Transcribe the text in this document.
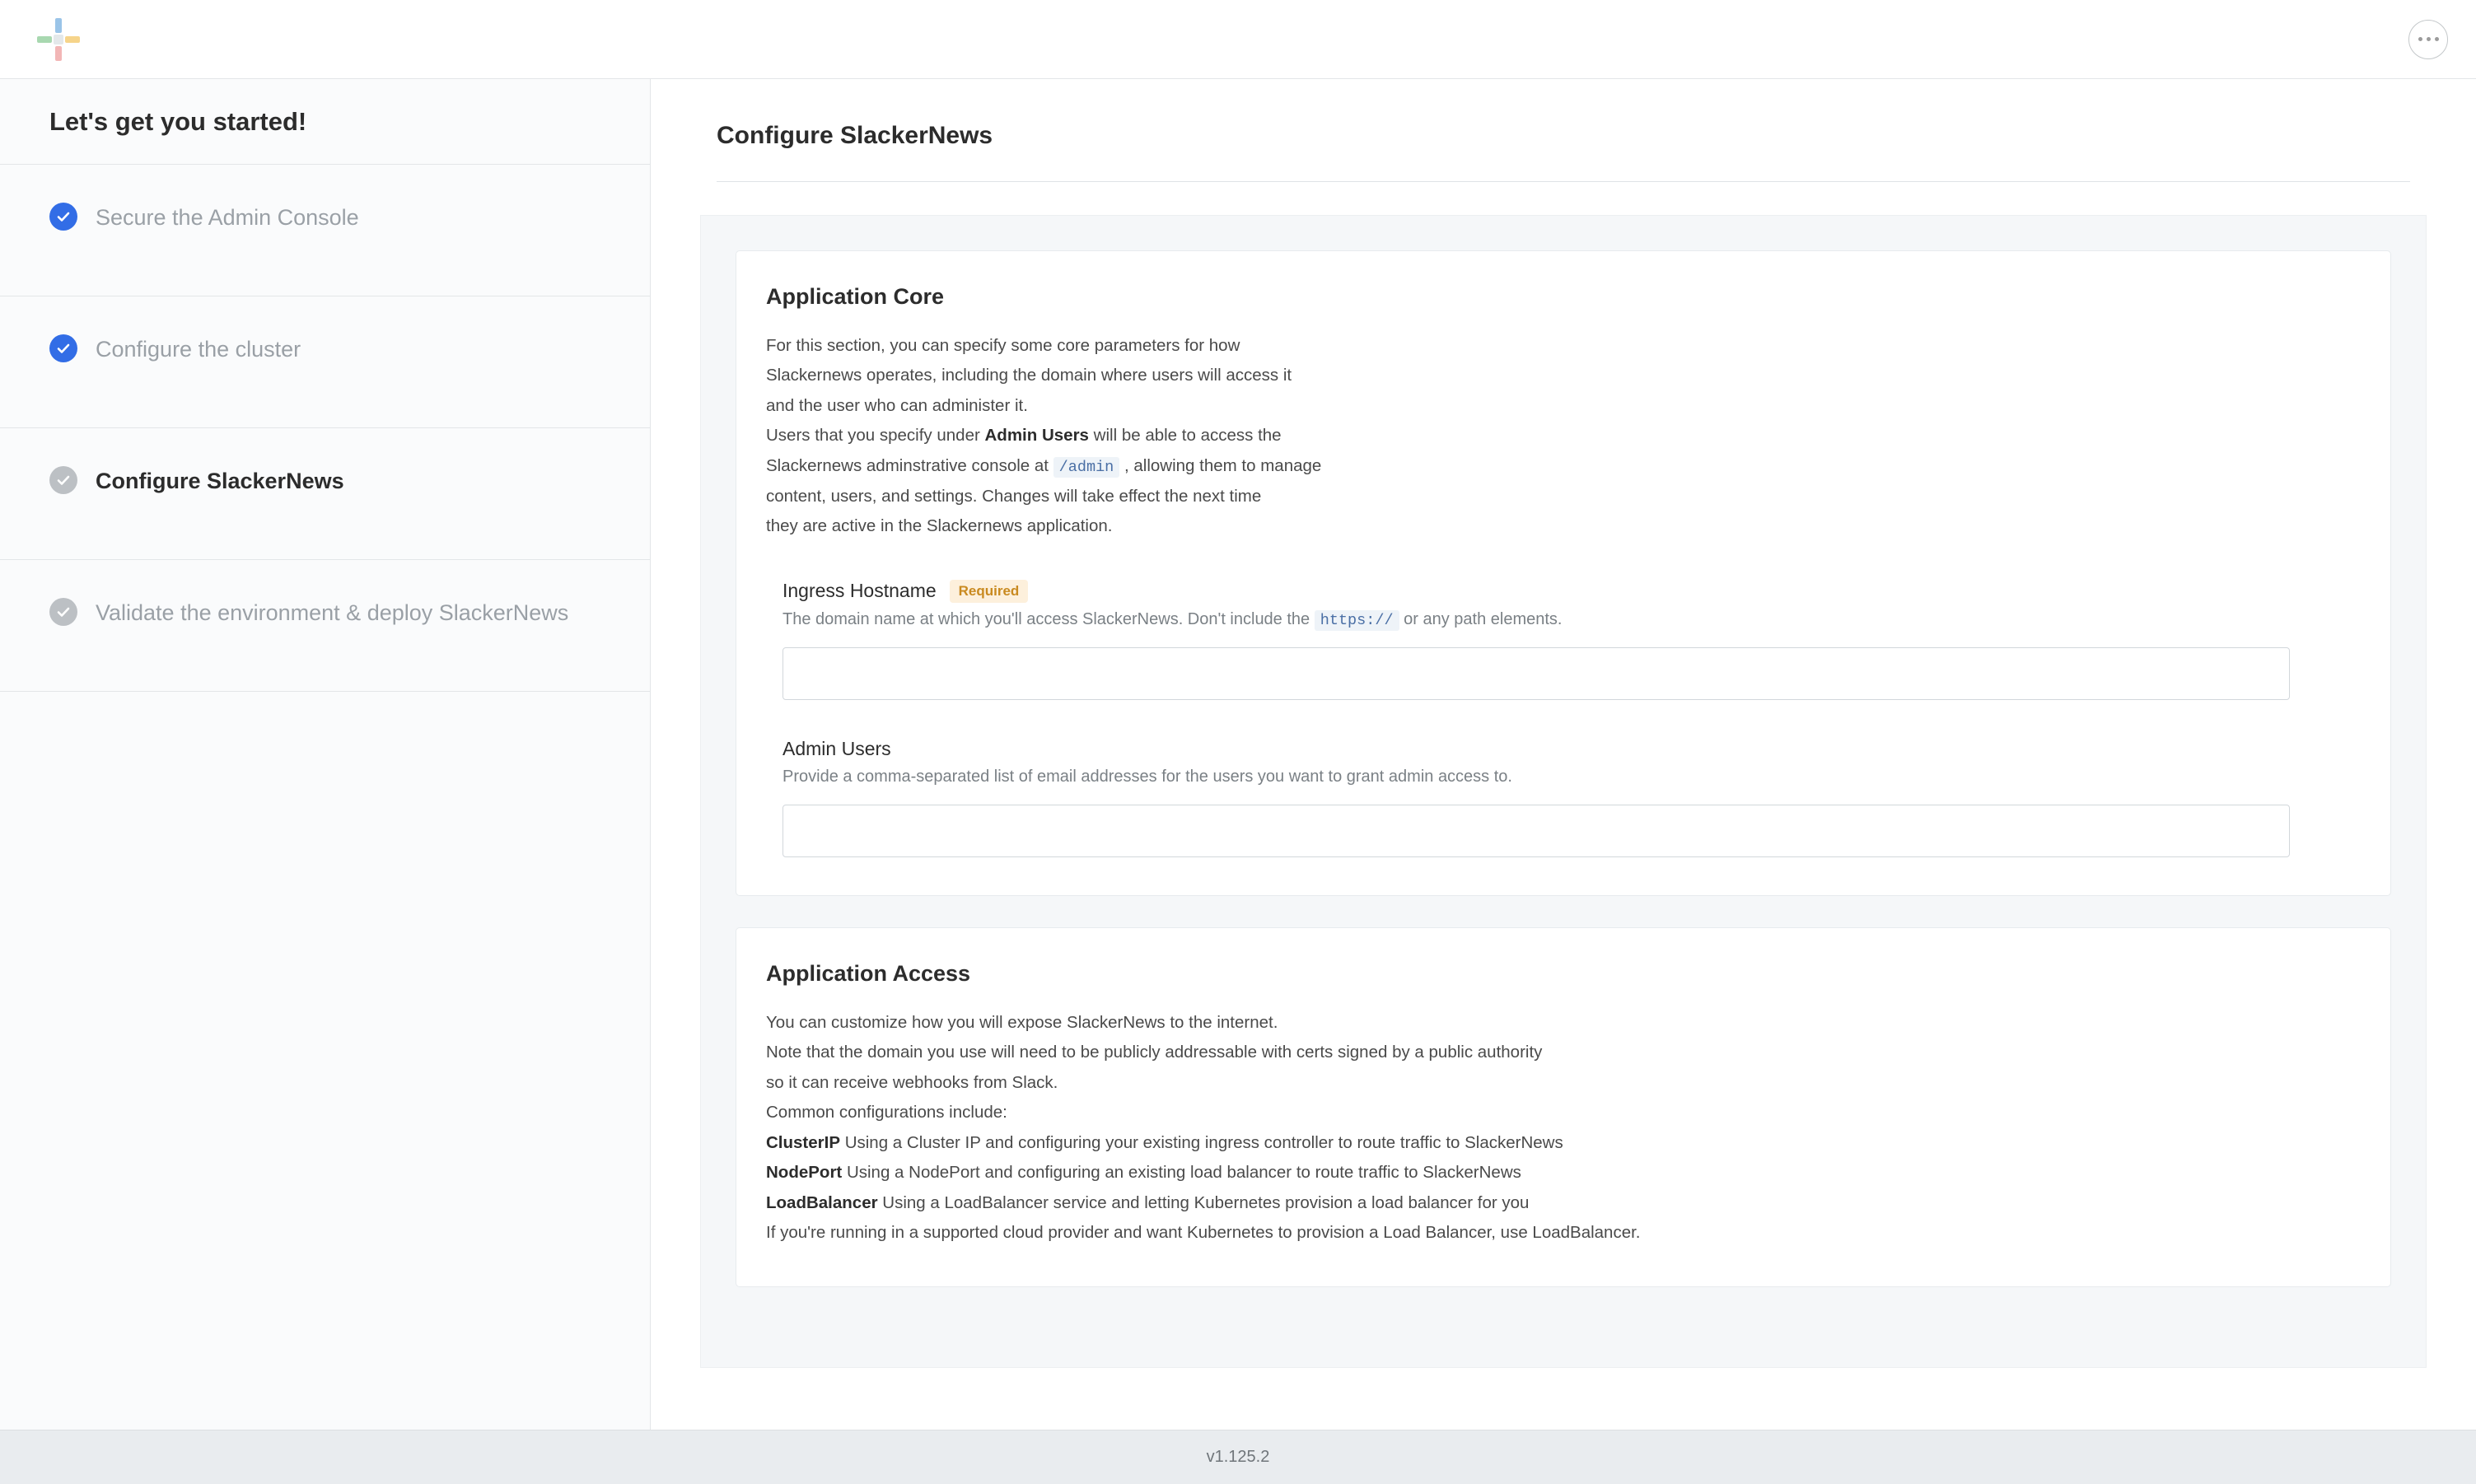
Let's get you started!
Secure the Admin Console
Configure the cluster
Configure SlackerNews
Validate the environment & deploy SlackerNews
Configure SlackerNews
Application Core

For this section, you can specify some core parameters for how
Slackernews operates, including the domain where users will access it
and the user who can administer it.
Users that you specify under Admin Users will be able to access the
Slackernews adminstrative console at /admin , allowing them to manage
content, users, and settings. Changes will take effect the next time
they are active in the Slackernews application.

Ingress Hostname	Required
The domain name at which you'll access SlackerNews. Don't include the https:// or any path elements.
Admin Users
Provide a comma-separated list of email addresses for the users you want to grant admin access to.
Application Access

You can customize how you will expose SlackerNews to the internet.
Note that the domain you use will need to be publicly addressable with certs signed by a public authority
so it can receive webhooks from Slack.
Common configurations include:
ClusterIP Using a Cluster IP and configuring your existing ingress controller to route traffic to SlackerNews
NodePort Using a NodePort and configuring an existing load balancer to route traffic to SlackerNews
LoadBalancer Using a LoadBalancer service and letting Kubernetes provision a load balancer for you
If you're running in a supported cloud provider and want Kubernetes to provision a Load Balancer, use LoadBalancer.

v1.125.2
